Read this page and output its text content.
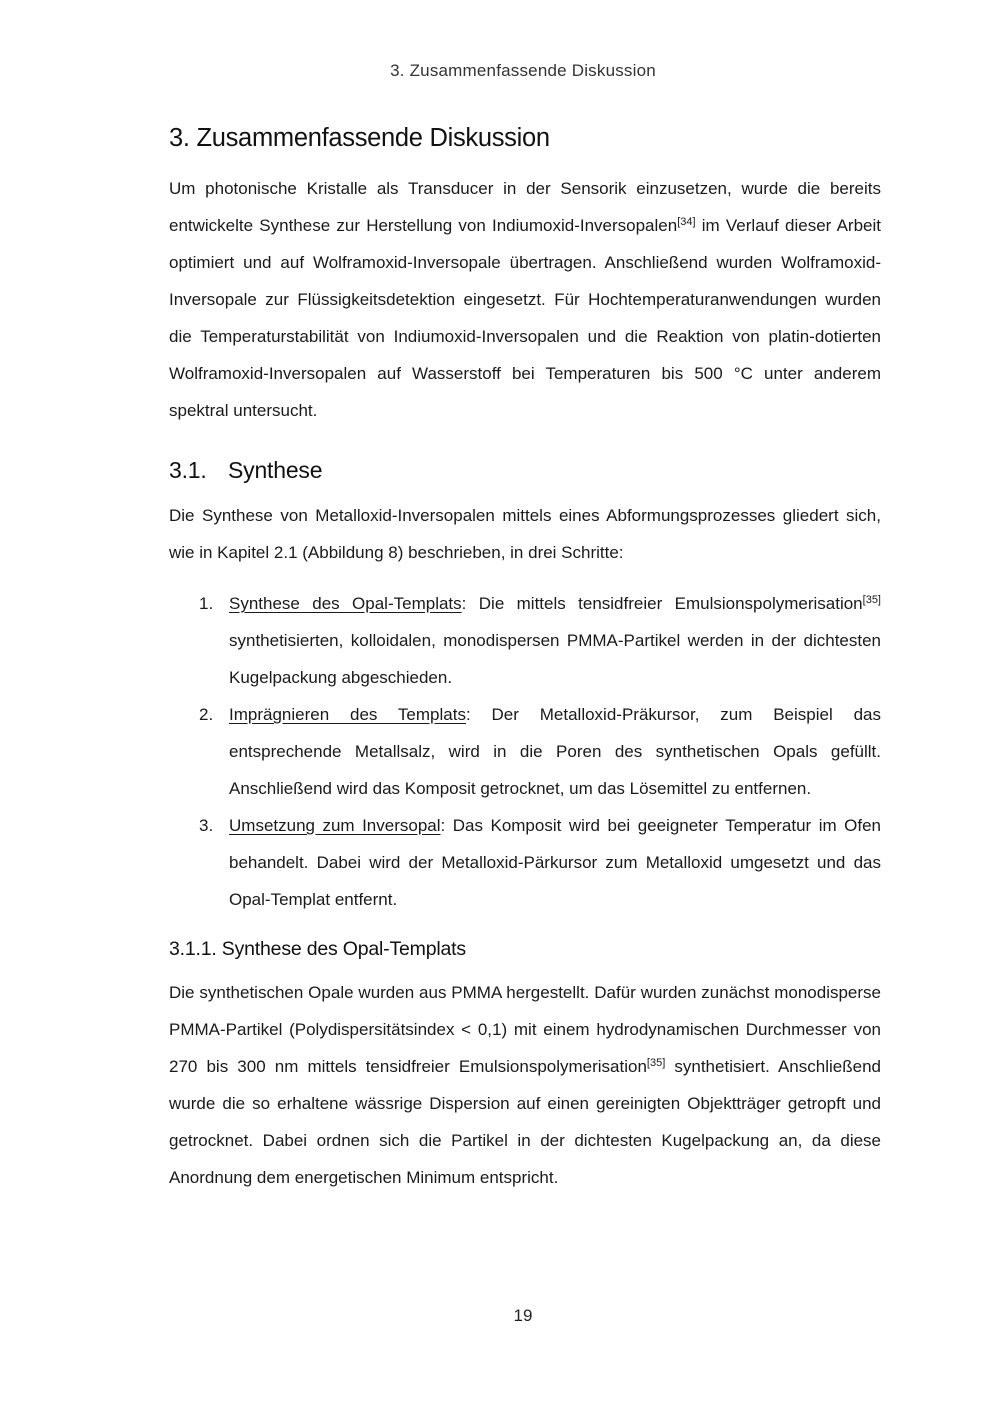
3. Zusammenfassende Diskussion
3. Zusammenfassende Diskussion

Um photonische Kristalle als Transducer in der Sensorik einzusetzen, wurde die bereits entwickelte Synthese zur Herstellung von Indiumoxid-Inversopalen[34] im Verlauf dieser Arbeit optimiert und auf Wolframoxid-Inversopale übertragen. Anschließend wurden Wolframoxid-Inversopale zur Flüssigkeitsdetektion eingesetzt. Für Hochtemperaturanwendungen wurden die Temperaturstabilität von Indiumoxid-Inversopalen und die Reaktion von platin-dotierten Wolframoxid-Inversopalen auf Wasserstoff bei Temperaturen bis 500 °C unter anderem spektral untersucht.

3.1. Synthese

Die Synthese von Metalloxid-Inversopalen mittels eines Abformungsprozesses gliedert sich, wie in Kapitel 2.1 (Abbildung 8) beschrieben, in drei Schritte:

1. Synthese des Opal-Templats: Die mittels tensidfreier Emulsionspolymerisation[35] synthetisierten, kolloidalen, monodispersen PMMA-Partikel werden in der dichtesten Kugelpackung abgeschieden.

2. Imprägnieren des Templats: Der Metalloxid-Präkursor, zum Beispiel das entsprechende Metallsalz, wird in die Poren des synthetischen Opals gefüllt. Anschließend wird das Komposit getrocknet, um das Lösemittel zu entfernen.

3. Umsetzung zum Inversopal: Das Komposit wird bei geeigneter Temperatur im Ofen behandelt. Dabei wird der Metalloxid-Pärkursor zum Metalloxid umgesetzt und das Opal-Templat entfernt.

3.1.1. Synthese des Opal-Templats

Die synthetischen Opale wurden aus PMMA hergestellt. Dafür wurden zunächst monodisperse PMMA-Partikel (Polydispersitätsindex < 0,1) mit einem hydrodynamischen Durchmesser von 270 bis 300 nm mittels tensidfreier Emulsionspolymerisation[35] synthetisiert. Anschließend wurde die so erhaltene wässrige Dispersion auf einen gereinigten Objektträger getropft und getrocknet. Dabei ordnen sich die Partikel in der dichtesten Kugelpackung an, da diese Anordnung dem energetischen Minimum entspricht.

19
